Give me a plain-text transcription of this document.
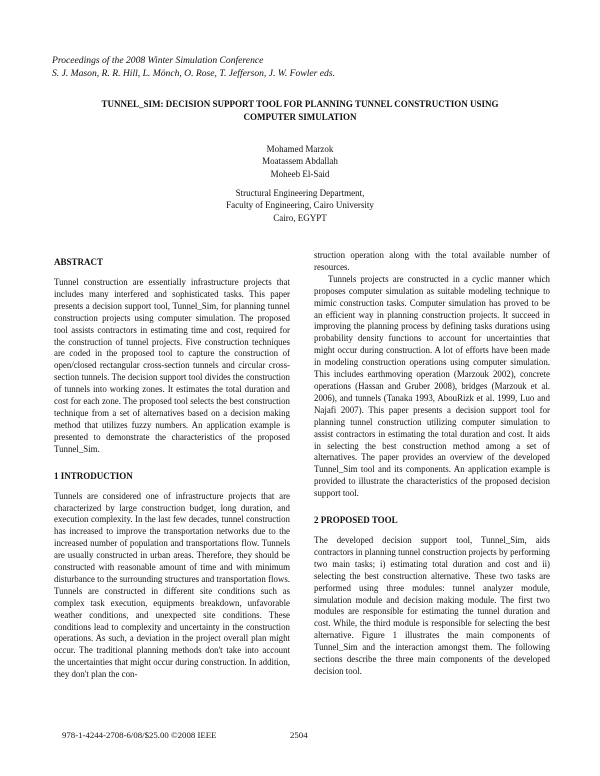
Proceedings of the 2008 Winter Simulation Conference
S. J. Mason, R. R. Hill, L. Mönch, O. Rose, T. Jefferson, J. W. Fowler eds.
TUNNEL_SIM: DECISION SUPPORT TOOL FOR PLANNING TUNNEL CONSTRUCTION USING
COMPUTER SIMULATION
Mohamed Marzok
Moatassem Abdallah
Moheeb El-Said
Structural Engineering Department,
Faculty of Engineering, Cairo University
Cairo, EGYPT
ABSTRACT

Tunnel construction are essentially infrastructure projects that includes many interfered and sophisticated tasks. This paper presents a decision support tool, Tunnel_Sim, for planning tunnel construction projects using computer simulation. The proposed tool assists contractors in estimating time and cost, required for the construction of tunnel projects. Five construction techniques are coded in the proposed tool to capture the construction of open/closed rectangular cross-section tunnels and circular cross-section tunnels. The decision support tool divides the construction of tunnels into working zones. It estimates the total duration and cost for each zone. The proposed tool selects the best construction technique from a set of alternatives based on a decision making method that utilizes fuzzy numbers. An application example is presented to demonstrate the characteristics of the proposed Tunnel_Sim.

1 INTRODUCTION

Tunnels are considered one of infrastructure projects that are characterized by large construction budget, long duration, and execution complexity. In the last few decades, tunnel construction has increased to improve the transportation networks due to the increased number of population and transportations flow. Tunnels are usually constructed in urban areas. Therefore, they should be constructed with reasonable amount of time and with minimum disturbance to the surrounding structures and transportation flows. Tunnels are constructed in different site conditions such as complex task execution, equipments breakdown, unfavorable weather conditions, and unexpected site conditions. These conditions lead to complexity and uncertainty in the construction operations. As such, a deviation in the project overall plan might occur. The traditional planning methods don't take into account the uncertainties that might occur during construction. In addition, they don't plan the con-

struction operation along with the total available number of resources.

Tunnels projects are constructed in a cyclic manner which proposes computer simulation as suitable modeling technique to mimic construction tasks. Computer simulation has proved to be an efficient way in planning construction projects. It succeed in improving the planning process by defining tasks durations using probability density functions to account for uncertainties that might occur during construction. A lot of efforts have been made in modeling construction operations using computer simulation. This includes earthmoving operation (Marzouk 2002), concrete operations (Hassan and Gruber 2008), bridges (Marzouk et al. 2006), and tunnels (Tanaka 1993, AbouRizk et al. 1999, Luo and Najafi 2007). This paper presents a decision support tool for planning tunnel construction utilizing computer simulation to assist contractors in estimating the total duration and cost. It aids in selecting the best construction method among a set of alternatives. The paper provides an overview of the developed Tunnel_Sim tool and its components. An application example is provided to illustrate the characteristics of the proposed decision support tool.

2 PROPOSED TOOL

The developed decision support tool, Tunnel_Sim, aids contractors in planning tunnel construction projects by performing two main tasks; i) estimating total duration and cost and ii) selecting the best construction alternative. These two tasks are performed using three modules: tunnel analyzer module, simulation module and decision making module. The first two modules are responsible for estimating the tunnel duration and cost. While, the third module is responsible for selecting the best alternative. Figure 1 illustrates the main components of Tunnel_Sim and the interaction amongst them. The following sections describe the three main components of the developed decision tool.

978-1-4244-2708-6/08/$25.00 ©2008 IEEE	2504
